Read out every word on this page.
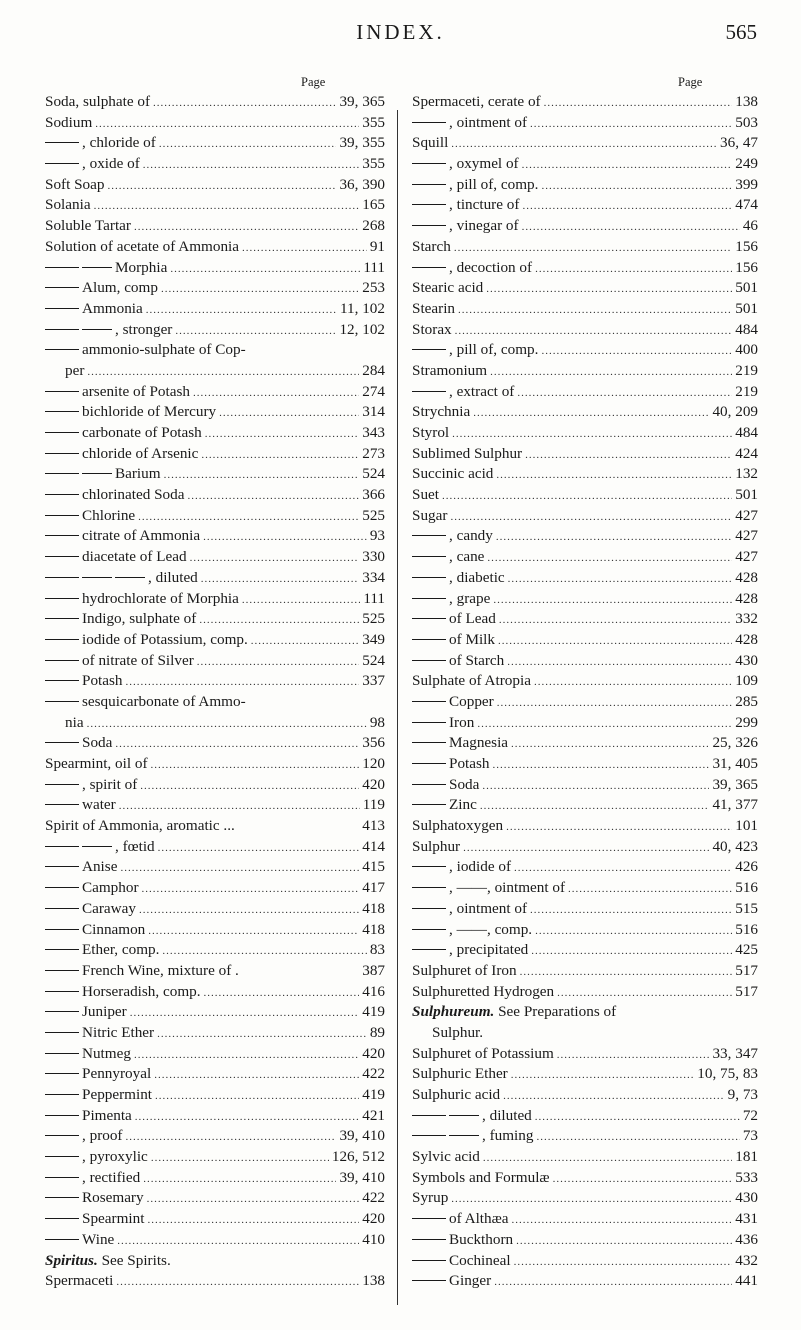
INDEX.	565
Page
Soda, sulphate of .....	39, 365
Sodium .....	355
, chloride of .....	39, 355
, oxide of .....	355
Soft Soap .....	36, 390
Solania .....	165
Soluble Tartar .....	268
Solution of acetate of Ammonia .....	91
Morphia .....	111
Alum, comp .....	253
Ammonia .....	11, 102
, stronger .....	12, 102
ammonio-sulphate of Cop-
per .....	284
arsenite of Potash .....	274
bichloride of Mercury .....	314
carbonate of Potash .....	343
chloride of Arsenic .....	273
Barium .....	524
chlorinated Soda .....	366
Chlorine .....	525
citrate of Ammonia .....	93
diacetate of Lead .....	330
, diluted .....	334
hydrochlorate of Morphia .....	111
Indigo, sulphate of .....	525
iodide of Potassium, comp. .....	349
of nitrate of Silver .....	524
Potash .....	337
sesquicarbonate of Ammo-
nia .....	98
Soda .....	356
Spearmint, oil of .....	120
, spirit of .....	420
water .....	119
Spirit of Ammonia, aromatic ...	413
, fœtid .....	414
Anise .....	415
Camphor .....	417
Caraway .....	418
Cinnamon .....	418
Ether, comp. .....	83
French Wine, mixture of .	387
Horseradish, comp. .....	416
Juniper .....	419
Nitric Ether .....	89
Nutmeg .....	420
Pennyroyal .....	422
Peppermint .....	419
Pimenta .....	421
, proof .....	39, 410
, pyroxylic .....	126, 512
, rectified .....	39, 410
Rosemary .....	422
Spearmint .....	420
Wine .....	410
Spiritus. See Spirits.
Spermaceti .....	138
Page
Spermaceti, cerate of .....	138
, ointment of .....	503
Squill .....	36, 47
, oxymel of .....	249
, pill of, comp. .....	399
, tincture of .....	474
, vinegar of .....	46
Starch .....	156
, decoction of .....	156
Stearic acid .....	501
Stearin .....	501
Storax .....	484
, pill of, comp. .....	400
Stramonium .....	219
, extract of .....	219
Strychnia .....	40, 209
Styrol .....	484
Sublimed Sulphur .....	424
Succinic acid .....	132
Suet .....	501
Sugar .....	427
, candy .....	427
, cane .....	427
, diabetic .....	428
, grape .....	428
of Lead .....	332
of Milk .....	428
of Starch .....	430
Sulphate of Atropia .....	109
Copper .....	285
Iron .....	299
Magnesia .....	25, 326
Potash .....	31, 405
Soda .....	39, 365
Zinc .....	41, 377
Sulphatoxygen .....	101
Sulphur .....	40, 423
, iodide of .....	426
, ——, ointment of .....	516
, ointment of .....	515
, ——, comp. .....	516
, precipitated .....	425
Sulphuret of Iron .....	517
Sulphuretted Hydrogen .....	517
Sulphureum. See Preparations of
Sulphur.
Sulphuret of Potassium .....	33, 347
Sulphuric Ether .....	10, 75, 83
Sulphuric acid .....	9, 73
, diluted .....	72
, fuming .....	73
Sylvic acid .....	181
Symbols and Formulæ .....	533
Syrup .....	430
of Althæa .....	431
Buckthorn .....	436
Cochineal .....	432
Ginger .....	441
